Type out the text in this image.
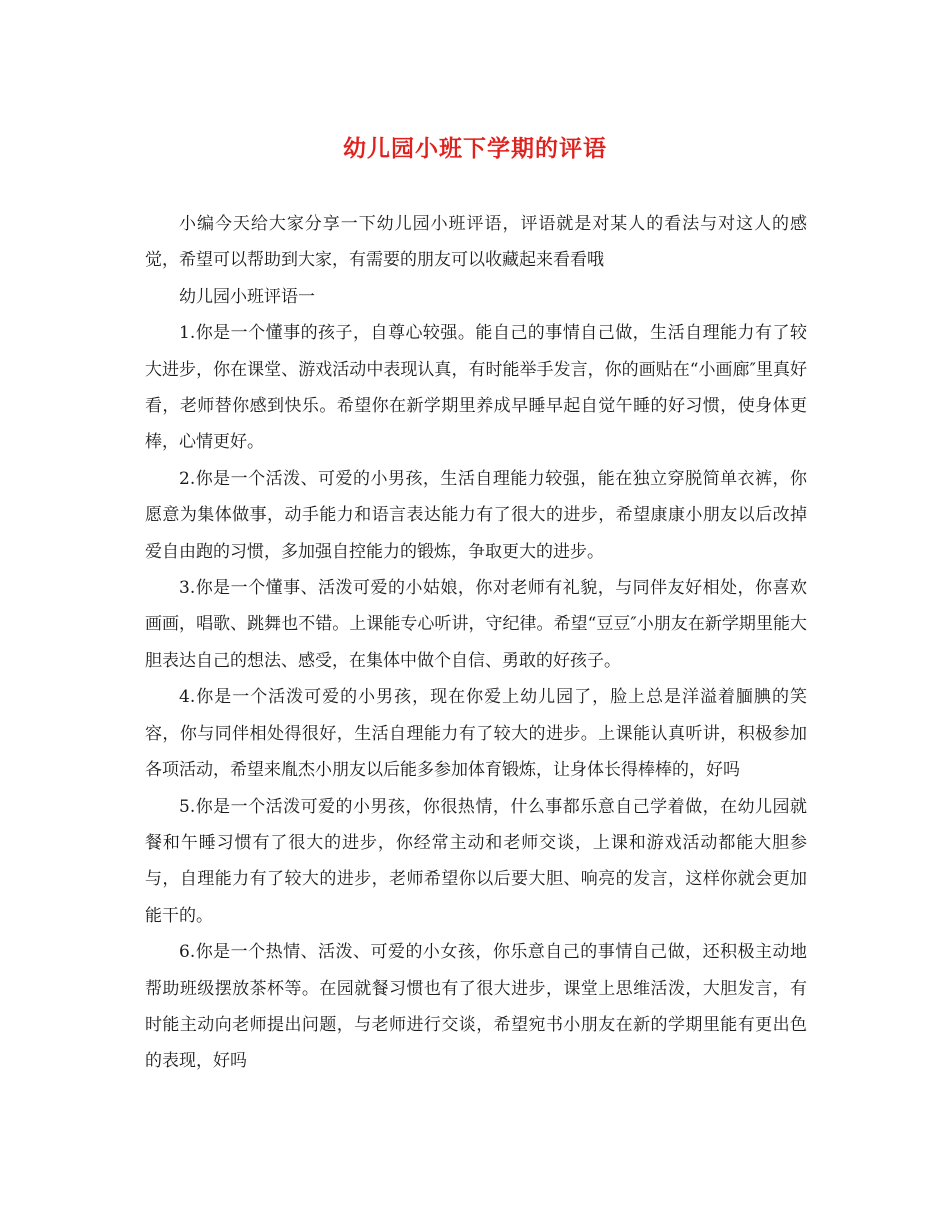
幼儿园小班下学期的评语

小编今天给大家分享一下幼儿园小班评语，评语就是对某人的看法与对这人的感觉，希望可以帮助到大家，有需要的朋友可以收藏起来看看哦

幼儿园小班评语一

1.你是一个懂事的孩子，自尊心较强。能自己的事情自己做，生活自理能力有了较大进步，你在课堂、游戏活动中表现认真，有时能举手发言，你的画贴在“小画廊″里真好看，老师替你感到快乐。希望你在新学期里养成早睡早起自觉午睡的好习惯，使身体更棒，心情更好。

2.你是一个活泼、可爱的小男孩，生活自理能力较强，能在独立穿脱简单衣裤，你愿意为集体做事，动手能力和语言表达能力有了很大的进步，希望康康小朋友以后改掉爱自由跑的习惯，多加强自控能力的锻炼，争取更大的进步。

3.你是一个懂事、活泼可爱的小姑娘，你对老师有礼貌，与同伴友好相处，你喜欢画画，唱歌、跳舞也不错。上课能专心听讲，守纪律。希望“豆豆″小朋友在新学期里能大胆表达自己的想法、感受，在集体中做个自信、勇敢的好孩子。

4.你是一个活泼可爱的小男孩，现在你爱上幼儿园了，脸上总是洋溢着腼腆的笑容，你与同伴相处得很好，生活自理能力有了较大的进步。上课能认真听讲，积极参加各项活动，希望来胤杰小朋友以后能多参加体育锻炼，让身体长得棒棒的，好吗

5.你是一个活泼可爱的小男孩，你很热情，什么事都乐意自己学着做，在幼儿园就餐和午睡习惯有了很大的进步，你经常主动和老师交谈，上课和游戏活动都能大胆参与，自理能力有了较大的进步，老师希望你以后要大胆、响亮的发言，这样你就会更加能干的。

6.你是一个热情、活泼、可爱的小女孩，你乐意自己的事情自己做，还积极主动地帮助班级摆放茶杯等。在园就餐习惯也有了很大进步，课堂上思维活泼，大胆发言，有时能主动向老师提出问题，与老师进行交谈，希望宛书小朋友在新的学期里能有更出色的表现，好吗
